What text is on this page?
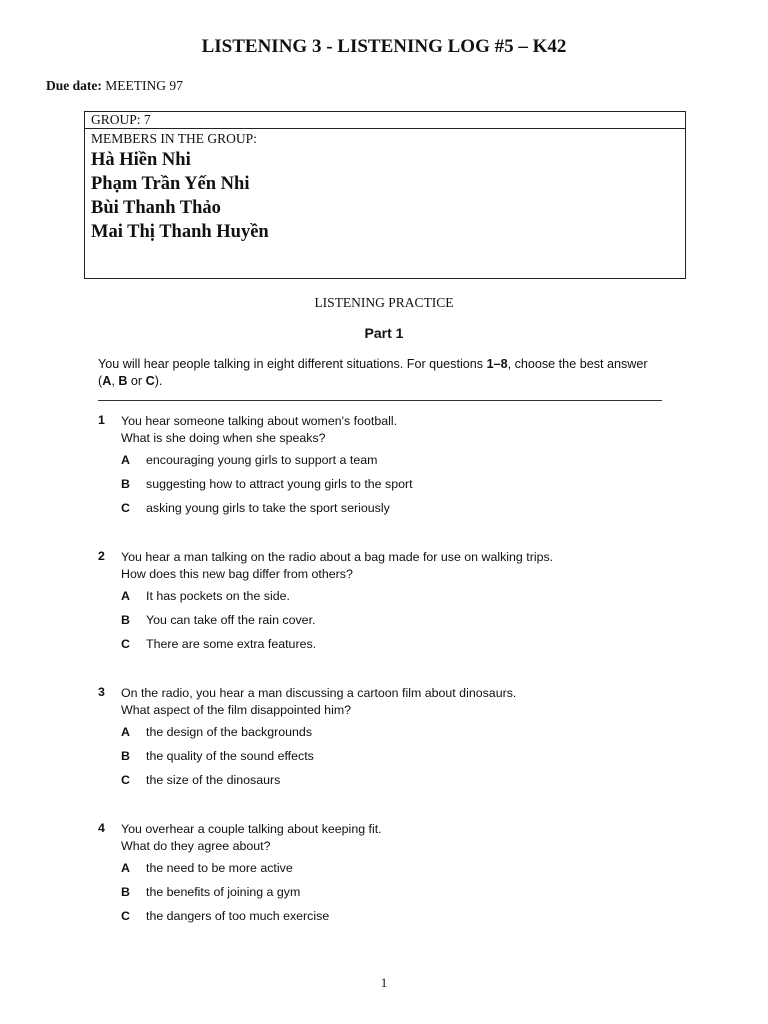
LISTENING 3 - LISTENING LOG #5 – K42
Due date: MEETING 97
GROUP: 7
MEMBERS IN THE GROUP:
Hà Hiền Nhi
Phạm Trần Yến Nhi
Bùi Thanh Thảo
Mai Thị Thanh Huyền
LISTENING PRACTICE
Part 1
You will hear people talking in eight different situations. For questions 1–8, choose the best answer (A, B or C).
1 You hear someone talking about women's football.
What is she doing when she speaks?
A encouraging young girls to support a team
B suggesting how to attract young girls to the sport
C asking young girls to take the sport seriously
2 You hear a man talking on the radio about a bag made for use on walking trips.
How does this new bag differ from others?
A It has pockets on the side.
B You can take off the rain cover.
C There are some extra features.
3 On the radio, you hear a man discussing a cartoon film about dinosaurs.
What aspect of the film disappointed him?
A the design of the backgrounds
B the quality of the sound effects
C the size of the dinosaurs
4 You overhear a couple talking about keeping fit.
What do they agree about?
A the need to be more active
B the benefits of joining a gym
C the dangers of too much exercise
1
